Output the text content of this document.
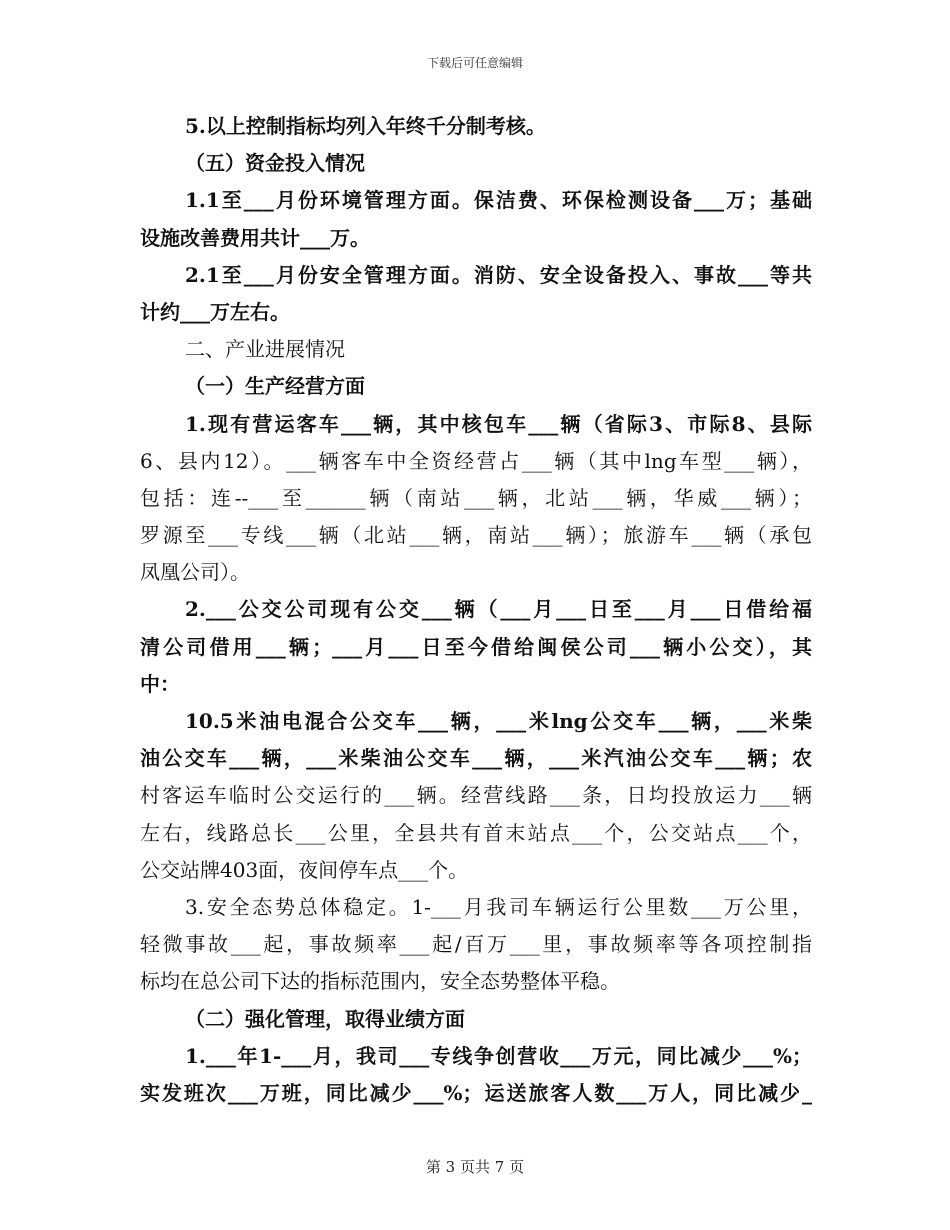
下载后可任意编辑
5.以上控制指标均列入年终千分制考核。
（五）资金投入情况
1.1至___月份环境管理方面。保洁费、环保检测设备___万；基础
设施改善费用共计___万。
2.1至___月份安全管理方面。消防、安全设备投入、事故___等共
计约___万左右。
二、产业进展情况
（一）生产经营方面
1.现有营运客车___辆，其中核包车___辆（省际3、市际8、县际
6、县内12）。___辆客车中全资经营占___辆（其中lng车型___辆），
包括：连--___至______辆（南站___辆，北站___辆，华威___辆）；
罗源至___专线___辆（北站___辆，南站___辆）；旅游车___辆（承包
凤凰公司）。
2.___公交公司现有公交___辆（___月___日至___月___日借给福
清公司借用___辆；___月___日至今借给闽侯公司___辆小公交），其
中：
10.5米油电混合公交车___辆，___米lng公交车___辆，___米柴
油公交车___辆，___米柴油公交车___辆，___米汽油公交车___辆；农
村客运车临时公交运行的___辆。经营线路___条，日均投放运力___辆
左右，线路总长___公里，全县共有首末站点___个，公交站点___个，
公交站牌403面，夜间停车点___个。
3.安全态势总体稳定。1-___月我司车辆运行公里数___万公里，
轻微事故___起，事故频率___起/百万___里，事故频率等各项控制指
标均在总公司下达的指标范围内，安全态势整体平稳。
（二）强化管理，取得业绩方面
1.___年1-___月，我司___专线争创营收___万元，同比减少___%；
实发班次___万班，同比减少___%；运送旅客人数___万人，同比减少_
第 3 页共 7 页
